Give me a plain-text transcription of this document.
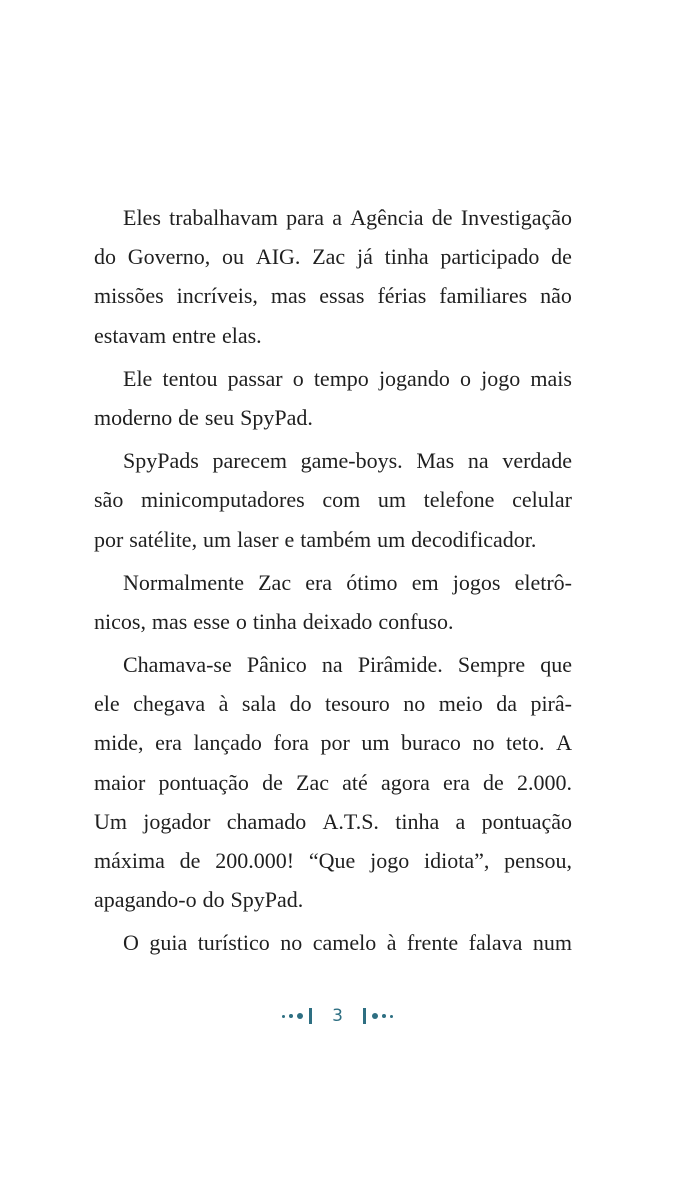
Eles trabalhavam para a Agência de Investigação
do Governo, ou AIG. Zac já tinha participado de
missões incríveis, mas essas férias familiares não
estavam entre elas.
Ele tentou passar o tempo jogando o jogo mais
moderno de seu SpyPad.
SpyPads parecem game-boys. Mas na verdade
são minicomputadores com um telefone celular
por satélite, um laser e também um decodificador.
Normalmente Zac era ótimo em jogos eletrô-
nicos, mas esse o tinha deixado confuso.
Chamava-se Pânico na Pirâmide. Sempre que
ele chegava à sala do tesouro no meio da pirâ-
mide, era lançado fora por um buraco no teto. A
maior pontuação de Zac até agora era de 2.000.
Um jogador chamado A.T.S. tinha a pontuação
máxima de 200.000! “Que jogo idiota”, pensou,
apagando-o do SpyPad.
O guia turístico no camelo à frente falava num
3
